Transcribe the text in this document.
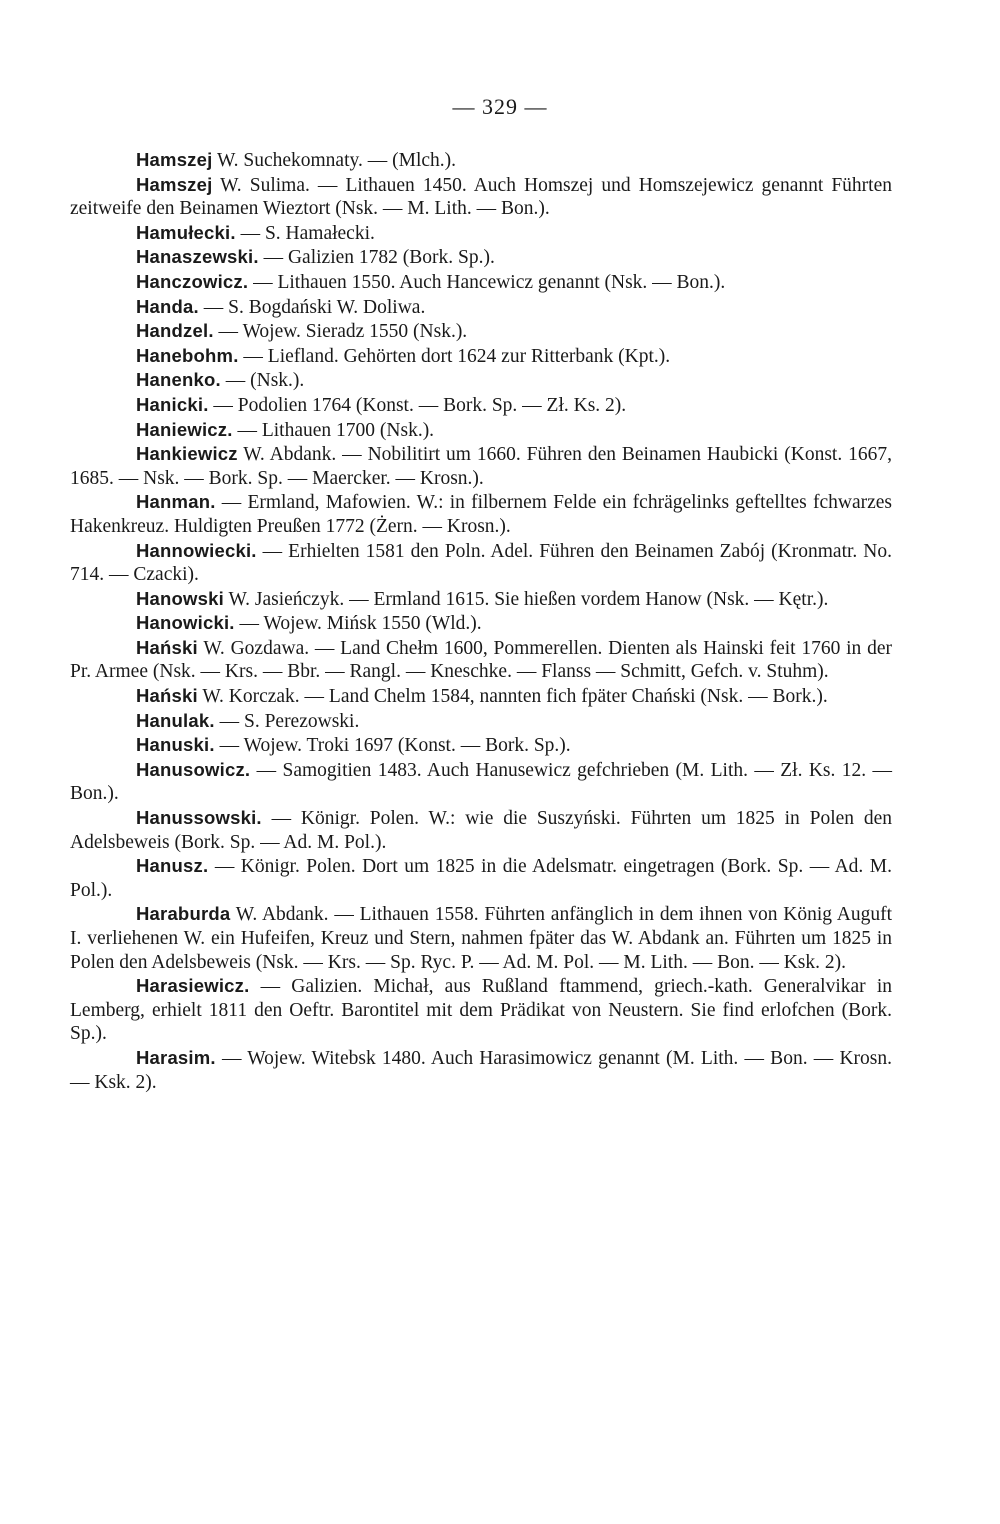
— 329 —

Hamszej W. Suchekomnaty. — (Mlch.).

Hamszej W. Sulima. — Lithauen 1450. Auch Homszej und Homszejewicz genannt Führten zeitweife den Beinamen Wieztort (Nsk. — M. Lith. — Bon.).

Hamułecki. — S. Hamałecki.

Hanaszewski. — Galizien 1782 (Bork. Sp.).

Hanczowicz. — Lithauen 1550. Auch Hancewicz genannt (Nsk. — Bon.).

Handa. — S. Bogdański W. Doliwa.

Handzel. — Wojew. Sieradz 1550 (Nsk.).

Hanebohm. — Liefland. Gehörten dort 1624 zur Ritterbank (Kpt.).

Hanenko. — (Nsk.).

Hanicki. — Podolien 1764 (Konst. — Bork. Sp. — Zł. Ks. 2).

Haniewicz. — Lithauen 1700 (Nsk.).

Hankiewicz W. Abdank. — Nobilitirt um 1660. Führen den Beinamen Haubicki (Konst. 1667, 1685. — Nsk. — Bork. Sp. — Maercker. — Krosn.).

Hanman. — Ermland, Mafowien. W.: in filbernem Felde ein fchrägelinks geftelltes fchwarzes Hakenkreuz. Huldigten Preußen 1772 (Żern. — Krosn.).

Hannowiecki. — Erhielten 1581 den Poln. Adel. Führen den Beinamen Zabój (Kronmatr. No. 714. — Czacki).

Hanowski W. Jasieńczyk. — Ermland 1615. Sie hießen vordem Hanow (Nsk. — Kętr.).

Hanowicki. — Wojew. Mińsk 1550 (Wld.).

Hański W. Gozdawa. — Land Chełm 1600, Pommerellen. Dienten als Hainski feit 1760 in der Pr. Armee (Nsk. — Krs. — Bbr. — Rangl. — Kneschke. — Flanss — Schmitt, Gefch. v. Stuhm).

Hański W. Korczak. — Land Chelm 1584, nannten fich fpäter Chański (Nsk. — Bork.).

Hanulak. — S. Perezowski.

Hanuski. — Wojew. Troki 1697 (Konst. — Bork. Sp.).

Hanusowicz. — Samogitien 1483. Auch Hanusewicz gefchrieben (M. Lith. — Zł. Ks. 12. — Bon.).

Hanussowski. — Königr. Polen. W.: wie die Suszyński. Führten um 1825 in Polen den Adelsbeweis (Bork. Sp. — Ad. M. Pol.).

Hanusz. — Königr. Polen. Dort um 1825 in die Adelsmatr. eingetragen (Bork. Sp. — Ad. M. Pol.).

Haraburda W. Abdank. — Lithauen 1558. Führten anfänglich in dem ihnen von König Auguft I. verliehenen W. ein Hufeifen, Kreuz und Stern, nahmen fpäter das W. Abdank an. Führten um 1825 in Polen den Adelsbeweis (Nsk. — Krs. — Sp. Ryc. P. — Ad. M. Pol. — M. Lith. — Bon. — Ksk. 2).

Harasiewicz. — Galizien. Michał, aus Rußland ftammend, griech.-kath. Generalvikar in Lemberg, erhielt 1811 den Oeftr. Barontitel mit dem Prädikat von Neustern. Sie find erlofchen (Bork. Sp.).

Harasim. — Wojew. Witebsk 1480. Auch Harasimowicz genannt (M. Lith. — Bon. — Krosn. — Ksk. 2).
